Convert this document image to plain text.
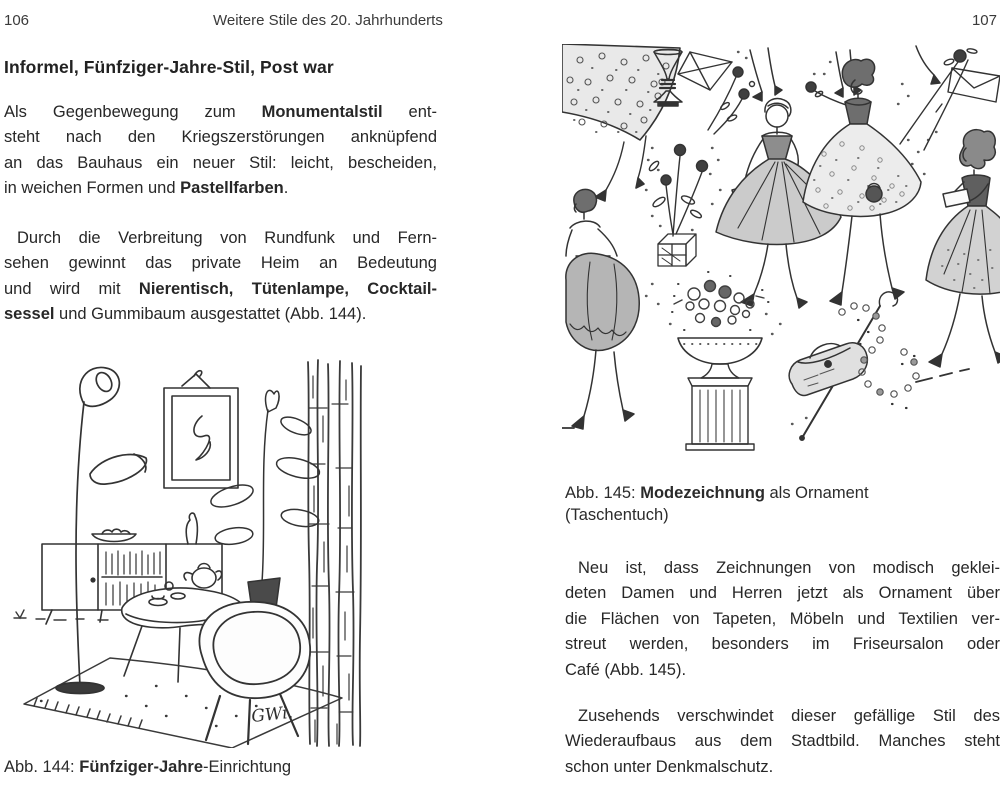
106	Weitere Stile des 20. Jahrhunderts	107
Informel, Fünfziger-Jahre-Stil, Post war
Als Gegenbewegung zum Monumentalstil ent-
steht nach den Kriegszerstörungen anknüpfend
an das Bauhaus ein neuer Stil: leicht, bescheiden,
in weichen Formen und Pastellfarben.
Durch die Verbreitung von Rundfunk und Fern-
sehen gewinnt das private Heim an Bedeutung
und wird mit Nierentisch, Tütenlampe, Cocktail-
sessel und Gummibaum ausgestattet (Abb. 144).
GWi.
Abb. 144: Fünfziger-Jahre-Einrichtung
Abb. 145: Modezeichnung als Ornament
(Taschentuch)
Neu ist, dass Zeichnungen von modisch geklei-
deten Damen und Herren jetzt als Ornament über
die Flächen von Tapeten, Möbeln und Textilien ver-
streut werden, besonders im Friseursalon oder
Café (Abb. 145).
Zusehends verschwindet dieser gefällige Stil des
Wiederaufbaus aus dem Stadtbild. Manches steht
schon unter Denkmalschutz.
